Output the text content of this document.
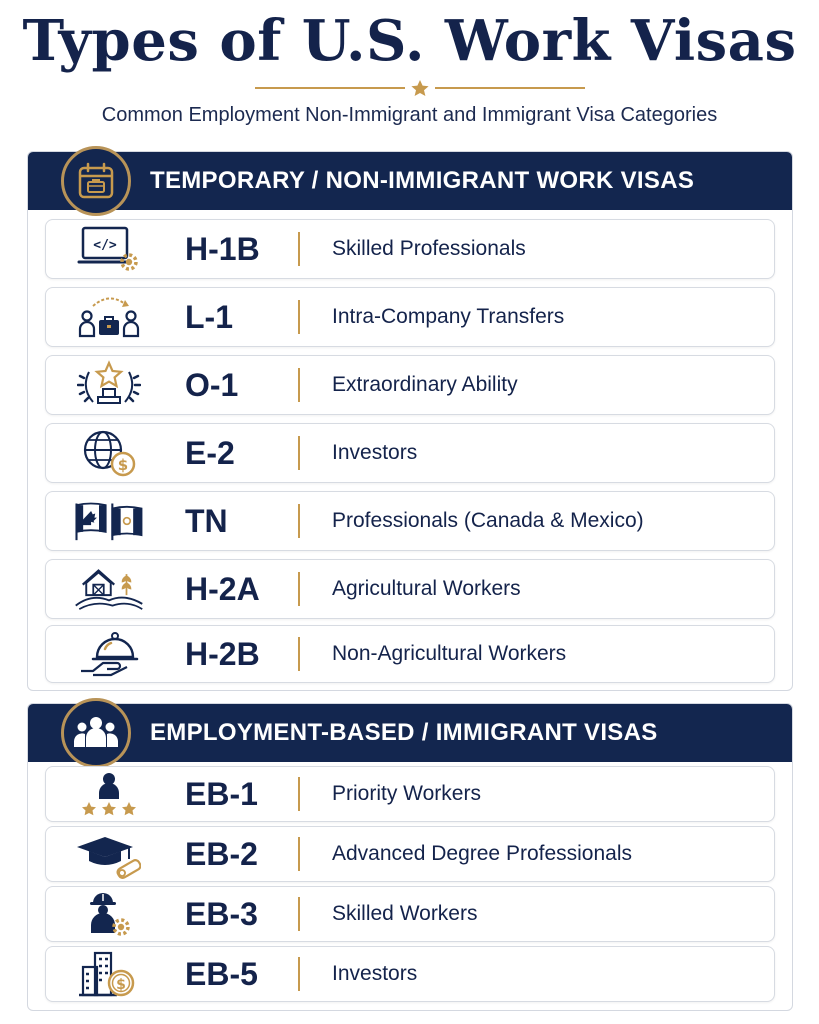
Types of U.S. Work Visas
Common Employment Non-Immigrant and Immigrant Visa Categories
TEMPORARY / NON-IMMIGRANT WORK VISAS
</> H-1B	Skilled Professionals
L-1	Intra-Company Transfers
O-1	Extraordinary Ability
$ E-2	Investors
TN	Professionals (Canada & Mexico)
H-2A	Agricultural Workers
H-2B	Non-Agricultural Workers
EMPLOYMENT-BASED / IMMIGRANT VISAS
EB-1	Priority Workers
EB-2	Advanced Degree Professionals
EB-3	Skilled Workers
$ EB-5	Investors
